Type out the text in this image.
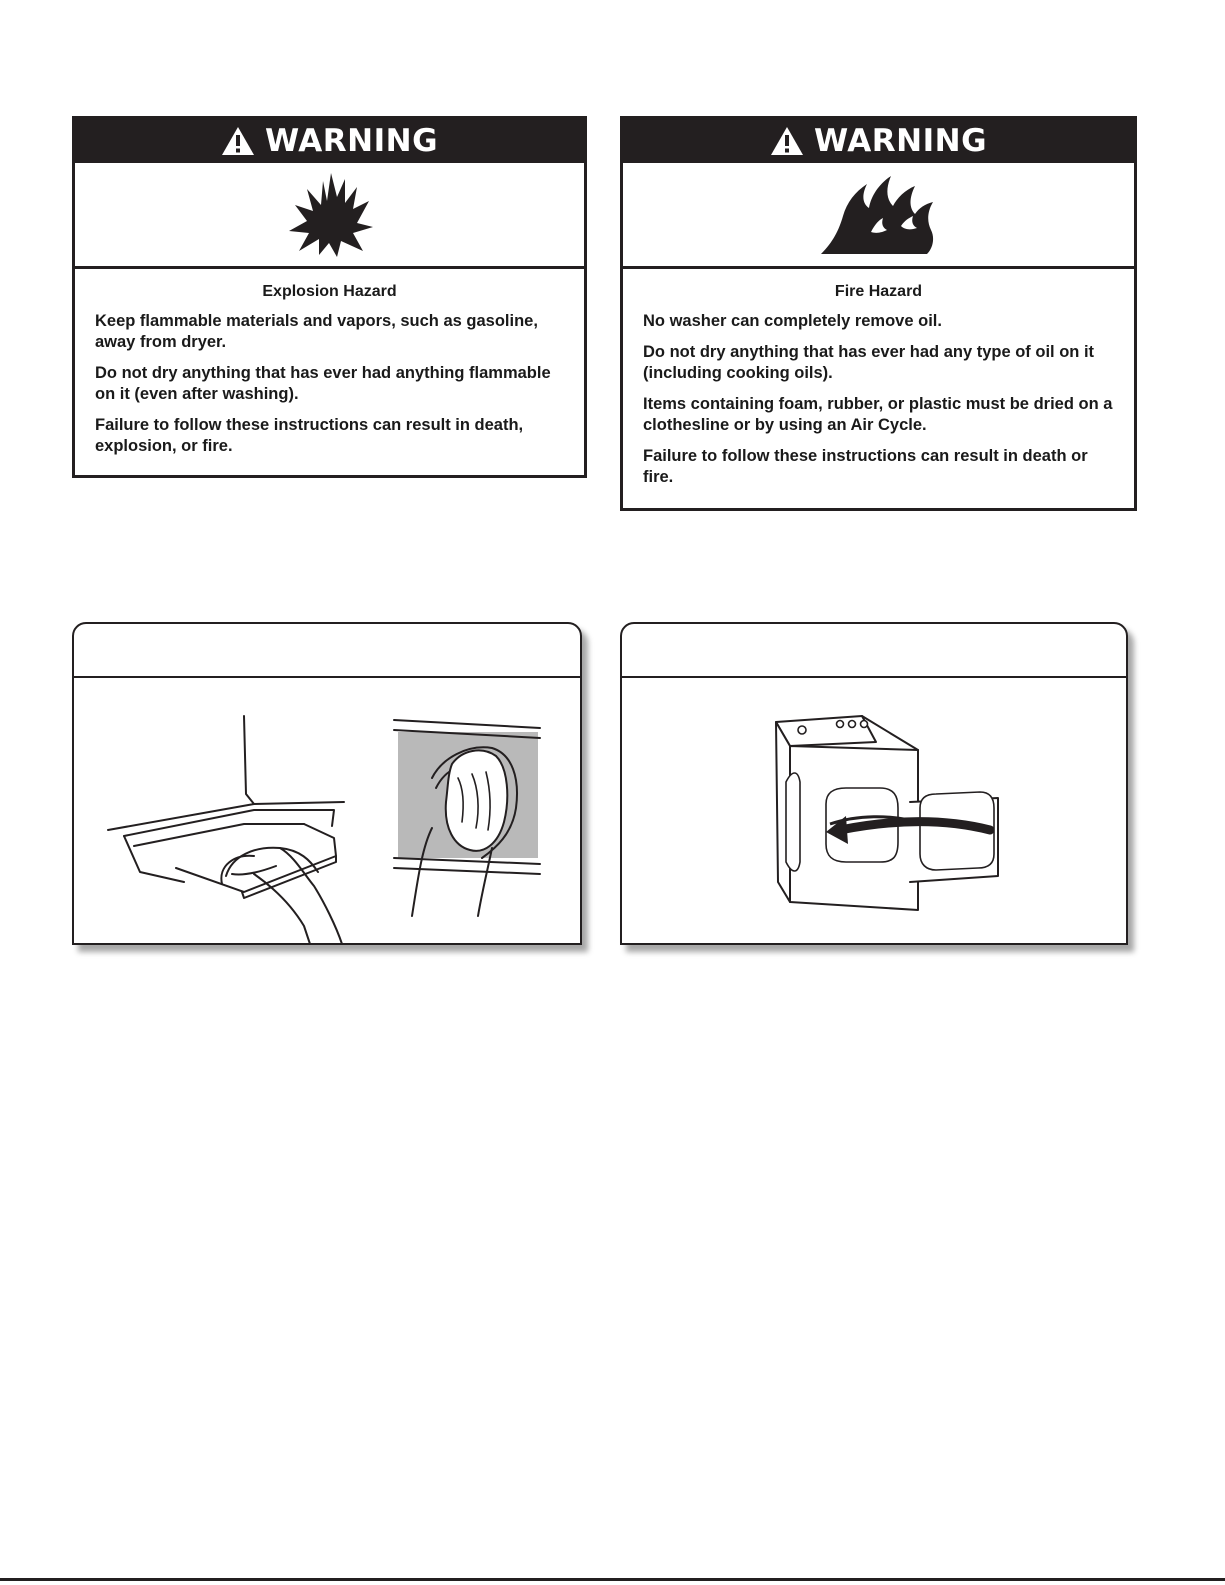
WARNING
Explosion Hazard

Keep flammable materials and vapors, such as gasoline, away from dryer.

Do not dry anything that has ever had anything flammable on it (even after washing).

Failure to follow these instructions can result in death, explosion, or fire.

WARNING
Fire Hazard

No washer can completely remove oil.

Do not dry anything that has ever had any type of oil on it (including cooking oils).

Items containing foam, rubber, or plastic must be dried on a clothesline or by using an Air Cycle.

Failure to follow these instructions can result in death or fire.
